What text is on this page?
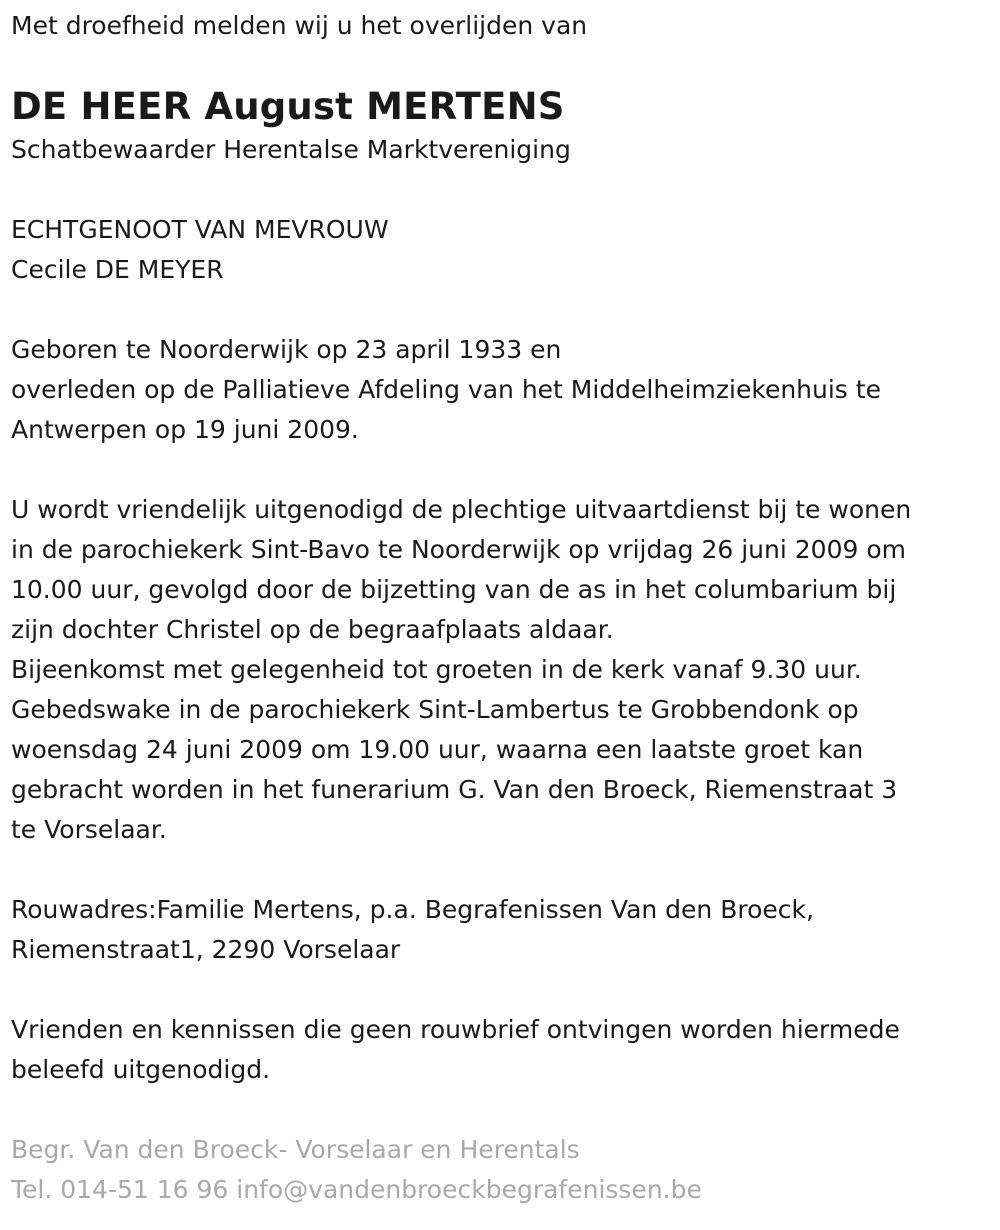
Met droefheid melden wij u het overlijden van
DE HEER August MERTENS
Schatbewaarder Herentalse Marktvereniging
ECHTGENOOT VAN MEVROUW
Cecile DE MEYER
Geboren te Noorderwijk op 23 april 1933 en
overleden op de Palliatieve Afdeling van het Middelheimziekenhuis te
Antwerpen op 19 juni 2009.
U wordt vriendelijk uitgenodigd de plechtige uitvaartdienst bij te wonen
in de parochiekerk Sint-Bavo te Noorderwijk op vrijdag 26 juni 2009 om
10.00 uur, gevolgd door de bijzetting van de as in het columbarium bij
zijn dochter Christel op de begraafplaats aldaar.
Bijeenkomst met gelegenheid tot groeten in de kerk vanaf 9.30 uur.
Gebedswake in de parochiekerk Sint-Lambertus te Grobbendonk op
woensdag 24 juni 2009 om 19.00 uur, waarna een laatste groet kan
gebracht worden in het funerarium G. Van den Broeck, Riemenstraat 3
te Vorselaar.
Rouwadres:Familie Mertens, p.a. Begrafenissen Van den Broeck,
Riemenstraat1, 2290 Vorselaar
Vrienden en kennissen die geen rouwbrief ontvingen worden hiermede
beleefd uitgenodigd.
Begr. Van den Broeck- Vorselaar en Herentals
Tel. 014-51 16 96 info@vandenbroeckbegrafenissen.be
